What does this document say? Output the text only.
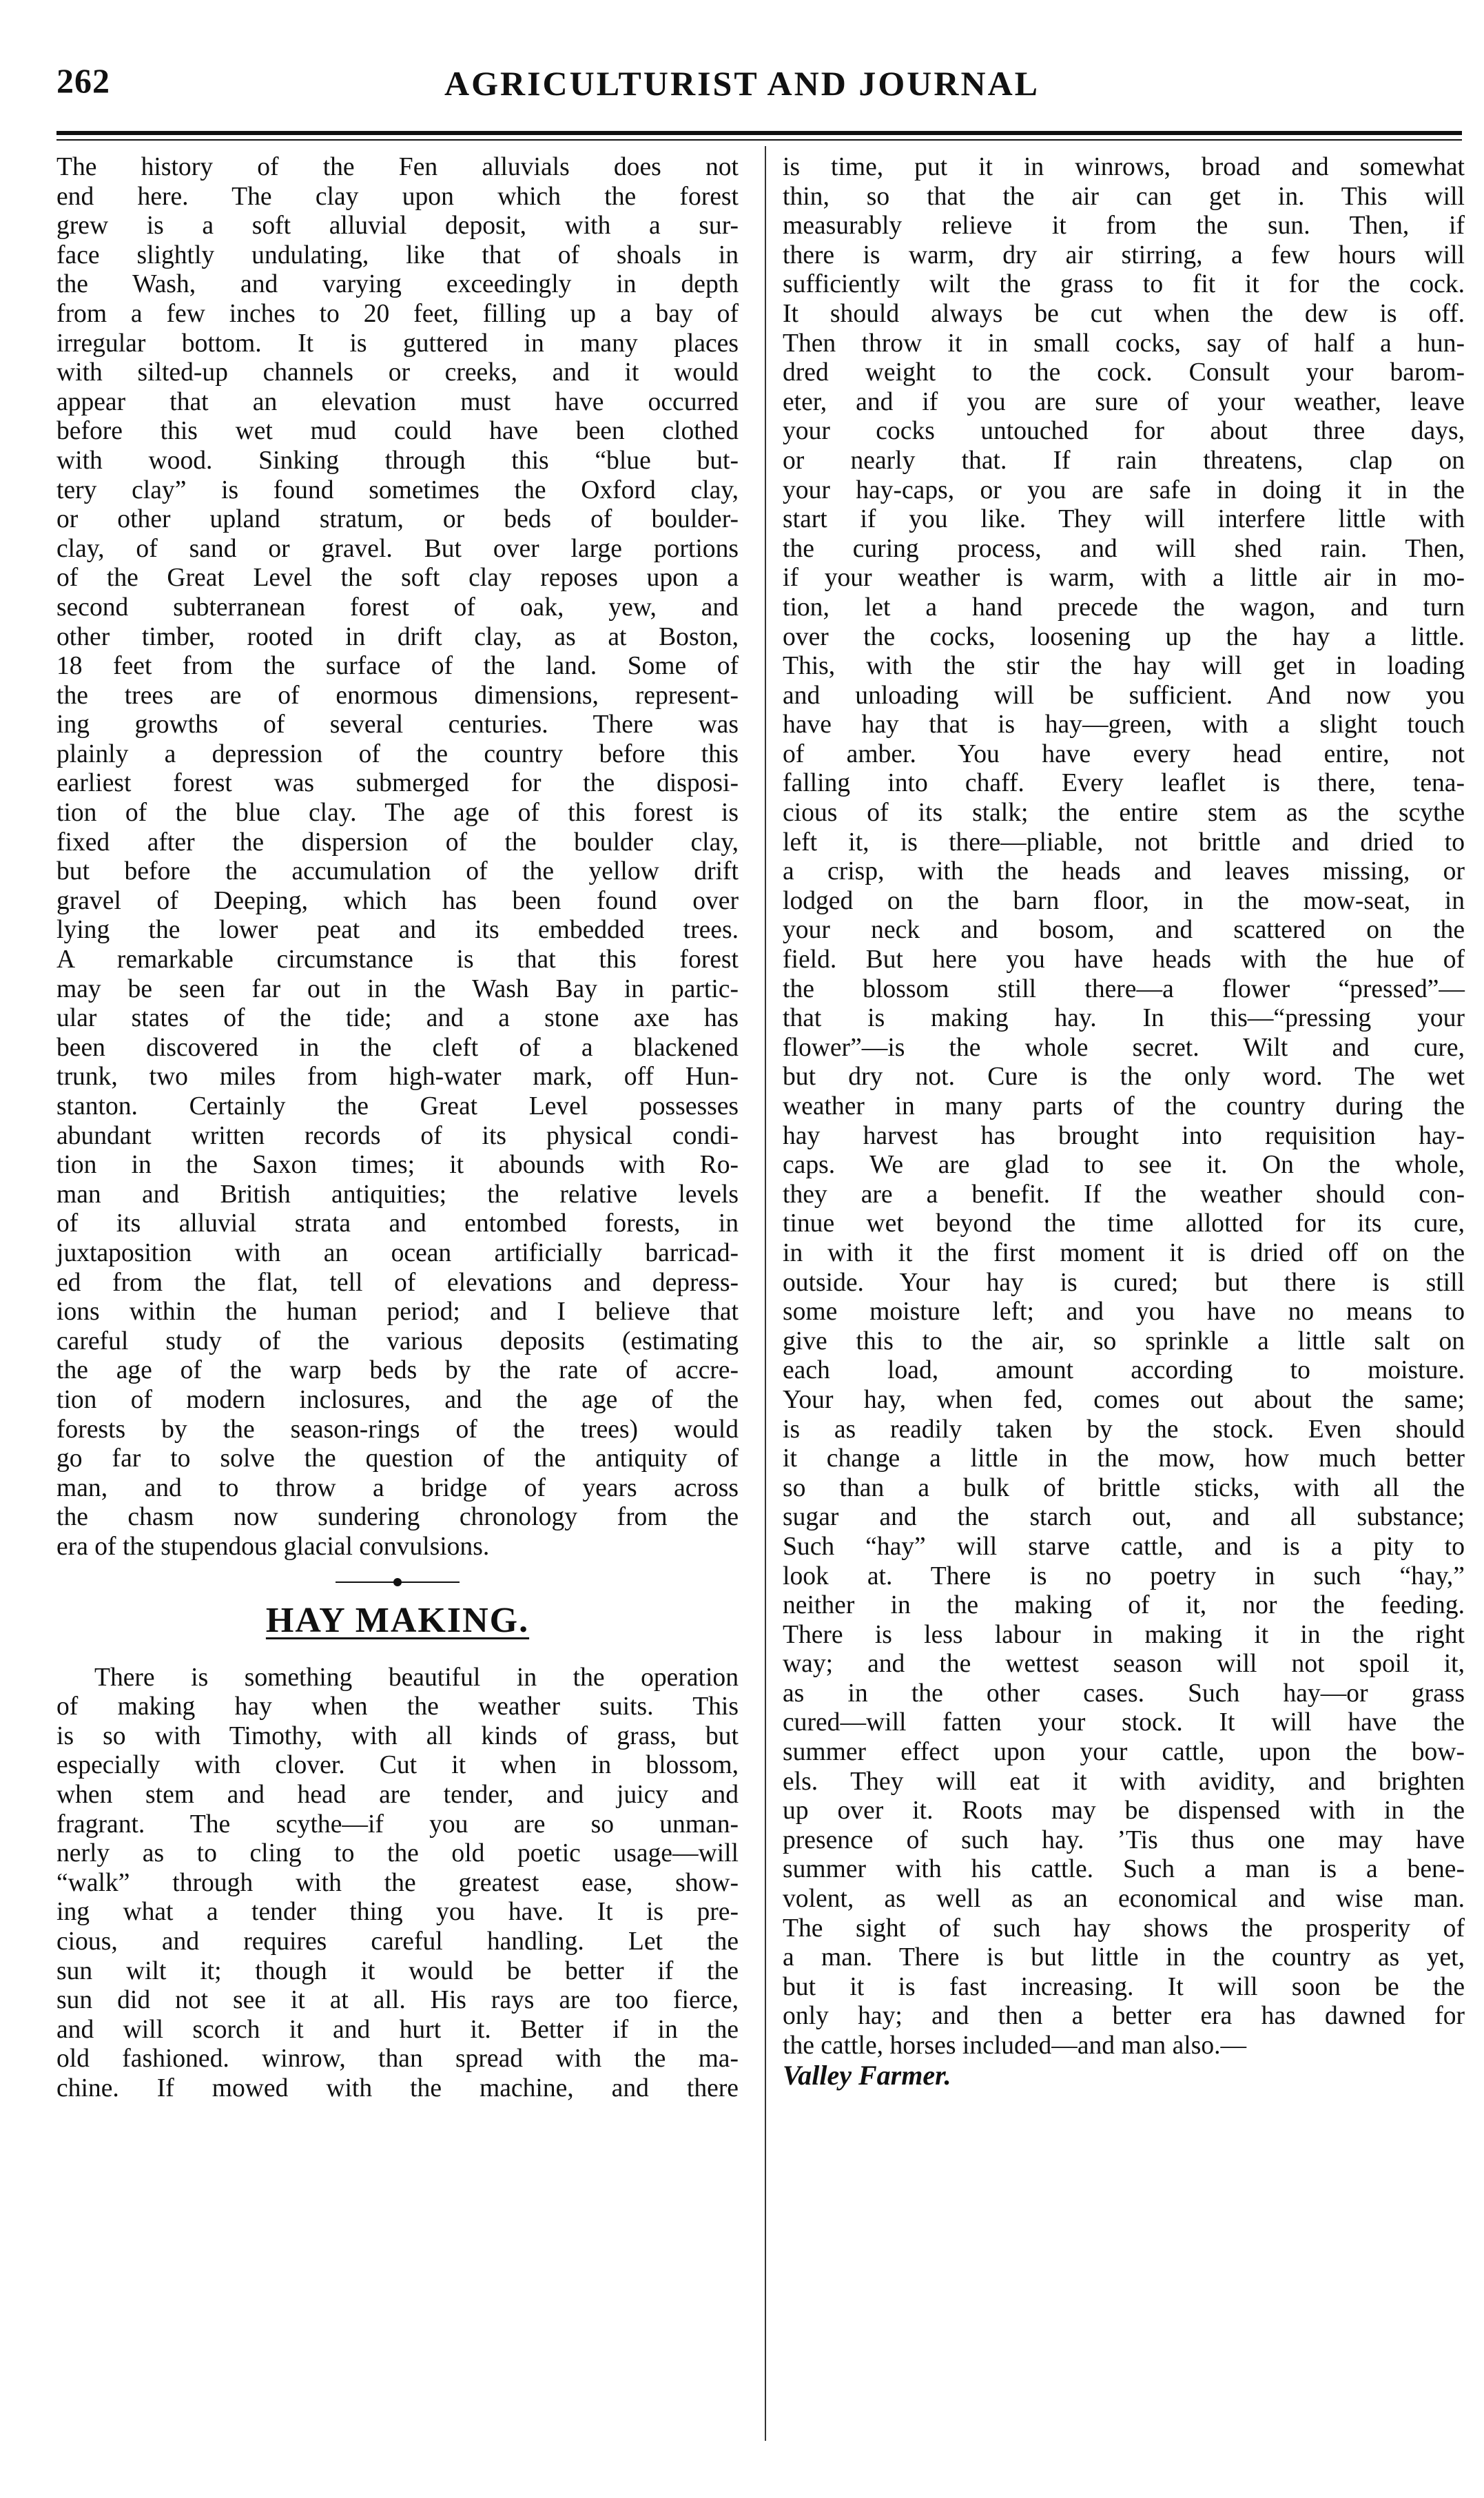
262	AGRICULTURIST AND JOURNAL
The history of the Fen alluvials does not
end here. The clay upon which the forest
grew is a soft alluvial deposit, with a sur-
face slightly undulating, like that of shoals in
the Wash, and varying exceedingly in depth
from a few inches to 20 feet, filling up a bay of
irregular bottom. It is guttered in many places
with silted-up channels or creeks, and it would
appear that an elevation must have occurred
before this wet mud could have been clothed
with wood. Sinking through this “blue but-
tery clay” is found sometimes the Oxford clay,
or other upland stratum, or beds of boulder-
clay, of sand or gravel. But over large portions
of the Great Level the soft clay reposes upon a
second subterranean forest of oak, yew, and
other timber, rooted in drift clay, as at Boston,
18 feet from the surface of the land. Some of
the trees are of enormous dimensions, represent-
ing growths of several centuries. There was
plainly a depression of the country before this
earliest forest was submerged for the disposi-
tion of the blue clay. The age of this forest is
fixed after the dispersion of the boulder clay,
but before the accumulation of the yellow drift
gravel of Deeping, which has been found over
lying the lower peat and its embedded trees.
A remarkable circumstance is that this forest
may be seen far out in the Wash Bay in partic-
ular states of the tide; and a stone axe has
been discovered in the cleft of a blackened
trunk, two miles from high-water mark, off Hun-
stanton. Certainly the Great Level possesses
abundant written records of its physical condi-
tion in the Saxon times; it abounds with Ro-
man and British antiquities; the relative levels
of its alluvial strata and entombed forests, in
juxtaposition with an ocean artificially barricad-
ed from the flat, tell of elevations and depress-
ions within the human period; and I believe that
careful study of the various deposits (estimating
the age of the warp beds by the rate of accre-
tion of modern inclosures, and the age of the
forests by the season-rings of the trees) would
go far to solve the question of the antiquity of
man, and to throw a bridge of years across
the chasm now sundering chronology from the
era of the stupendous glacial convulsions.
HAY MAKING.
There is something beautiful in the operation
of making hay when the weather suits. This
is so with Timothy, with all kinds of grass, but
especially with clover. Cut it when in blossom,
when stem and head are tender, and juicy and
fragrant. The scythe—if you are so unman-
nerly as to cling to the old poetic usage—will
“walk” through with the greatest ease, show-
ing what a tender thing you have. It is pre-
cious, and requires careful handling. Let the
sun wilt it; though it would be better if the
sun did not see it at all. His rays are too fierce,
and will scorch it and hurt it. Better if in the
old fashioned. winrow, than spread with the ma-
chine. If mowed with the machine, and there
is time, put it in winrows, broad and somewhat
thin, so that the air can get in. This will
measurably relieve it from the sun. Then, if
there is warm, dry air stirring, a few hours will
sufficiently wilt the grass to fit it for the cock.
It should always be cut when the dew is off.
Then throw it in small cocks, say of half a hun-
dred weight to the cock. Consult your barom-
eter, and if you are sure of your weather, leave
your cocks untouched for about three days,
or nearly that. If rain threatens, clap on
your hay-caps, or you are safe in doing it in the
start if you like. They will interfere little with
the curing process, and will shed rain. Then,
if your weather is warm, with a little air in mo-
tion, let a hand precede the wagon, and turn
over the cocks, loosening up the hay a little.
This, with the stir the hay will get in loading
and unloading will be sufficient. And now you
have hay that is hay—green, with a slight touch
of amber. You have every head entire, not
falling into chaff. Every leaflet is there, tena-
cious of its stalk; the entire stem as the scythe
left it, is there—pliable, not brittle and dried to
a crisp, with the heads and leaves missing, or
lodged on the barn floor, in the mow-seat, in
your neck and bosom, and scattered on the
field. But here you have heads with the hue of
the blossom still there—a flower “pressed”—
that is making hay. In this—“pressing your
flower”—is the whole secret. Wilt and cure,
but dry not. Cure is the only word. The wet
weather in many parts of the country during the
hay harvest has brought into requisition hay-
caps. We are glad to see it. On the whole,
they are a benefit. If the weather should con-
tinue wet beyond the time allotted for its cure,
in with it the first moment it is dried off on the
outside. Your hay is cured; but there is still
some moisture left; and you have no means to
give this to the air, so sprinkle a little salt on
each load, amount according to moisture.
Your hay, when fed, comes out about the same;
is as readily taken by the stock. Even should
it change a little in the mow, how much better
so than a bulk of brittle sticks, with all the
sugar and the starch out, and all substance;
Such “hay” will starve cattle, and is a pity to
look at. There is no poetry in such “hay,”
neither in the making of it, nor the feeding.
There is less labour in making it in the right
way; and the wettest season will not spoil it,
as in the other cases. Such hay—or grass
cured—will fatten your stock. It will have the
summer effect upon your cattle, upon the bow-
els. They will eat it with avidity, and brighten
up over it. Roots may be dispensed with in the
presence of such hay. ’Tis thus one may have
summer with his cattle. Such a man is a bene-
volent, as well as an economical and wise man.
The sight of such hay shows the prosperity of
a man. There is but little in the country as yet,
but it is fast increasing. It will soon be the
only hay; and then a better era has dawned for
the cattle, horses included—and man also.—
Valley Farmer.
